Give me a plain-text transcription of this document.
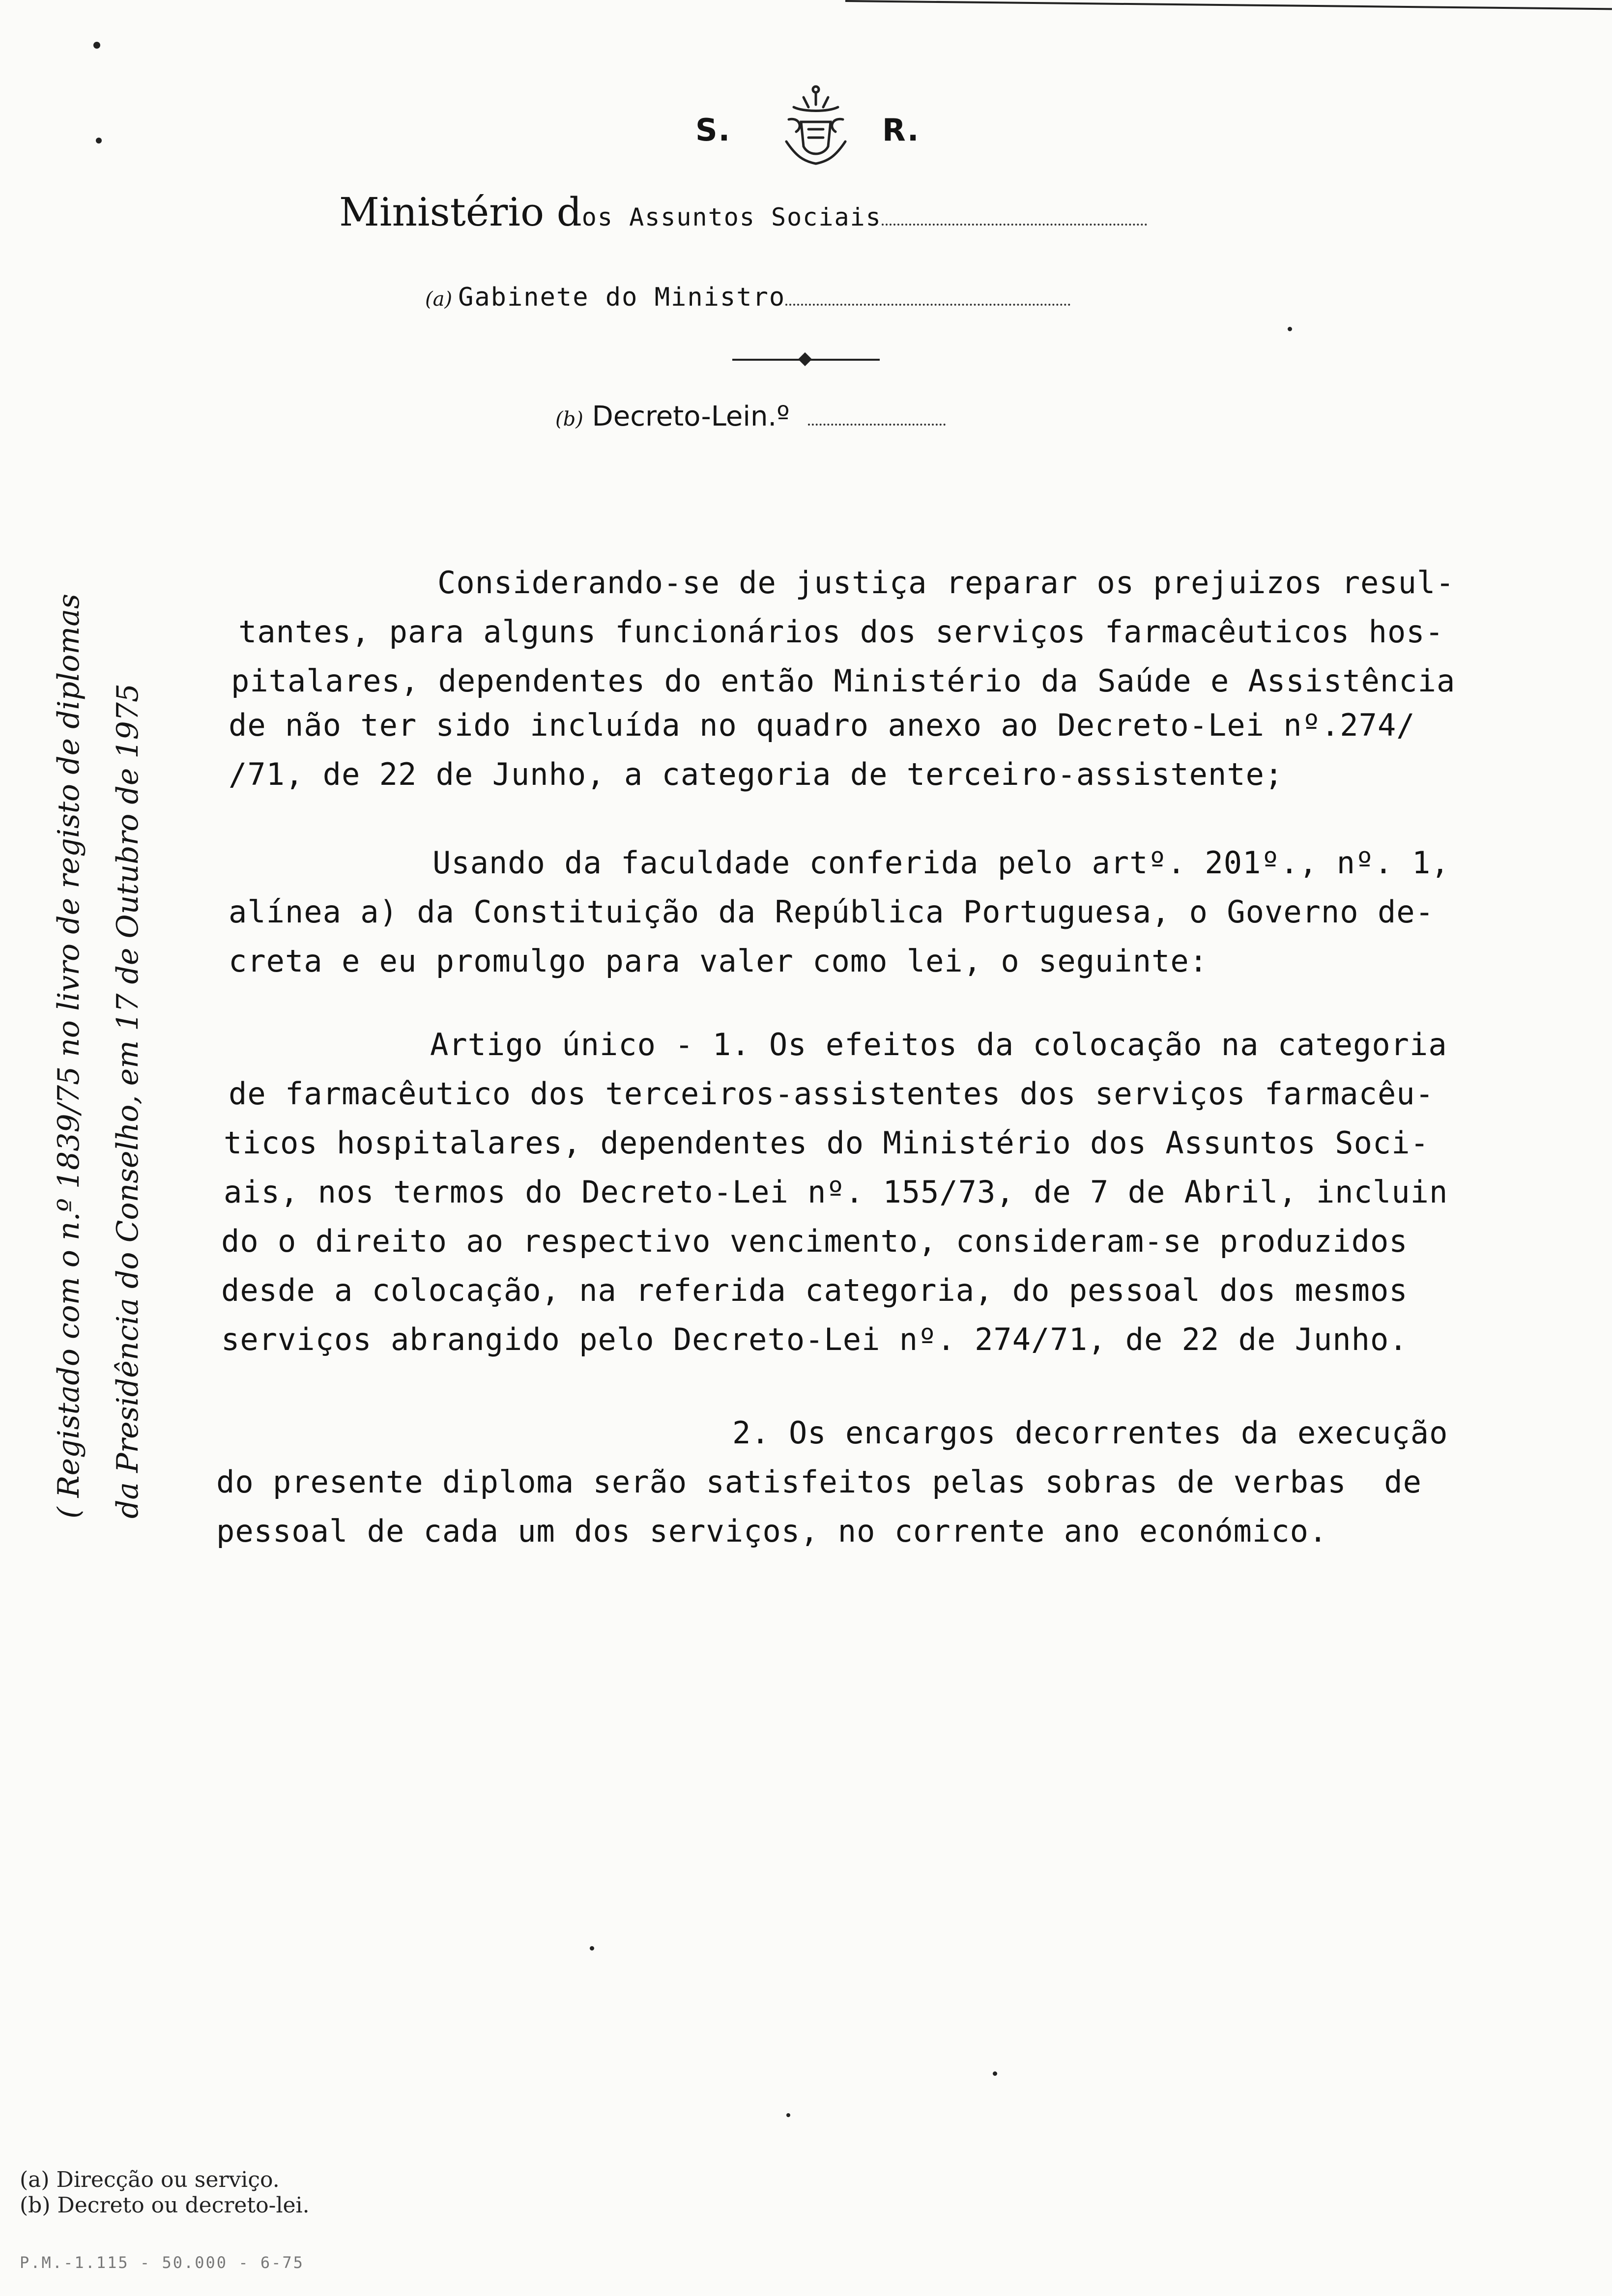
S.	R.
Ministério dos Assuntos Sociais
(a) Gabinete do Ministro
(b) Decreto-Lein.º
Considerando-se de justiça reparar os prejuizos resul-
tantes, para alguns funcionários dos serviços farmacêuticos hos-
pitalares, dependentes do então Ministério da Saúde e Assistência
de não ter sido incluída no quadro anexo ao Decreto-Lei nº.274/
/71, de 22 de Junho, a categoria de terceiro-assistente;
Usando da faculdade conferida pelo artº. 201º., nº. 1,
alínea a) da Constituição da República Portuguesa, o Governo de-
creta e eu promulgo para valer como lei, o seguinte:
Artigo único - 1. Os efeitos da colocação na categoria
de farmacêutico dos terceiros-assistentes dos serviços farmacêu-
ticos hospitalares, dependentes do Ministério dos Assuntos Soci-
ais, nos termos do Decreto-Lei nº. 155/73, de 7 de Abril, incluin
do o direito ao respectivo vencimento, consideram-se produzidos
desde a colocação, na referida categoria, do pessoal dos mesmos
serviços abrangido pelo Decreto-Lei nº. 274/71, de 22 de Junho.
2. Os encargos decorrentes da execução
do presente diploma serão satisfeitos pelas sobras de verbas  de
pessoal de cada um dos serviços, no corrente ano económico.
( Registado com o n.º 1839/75 no livro de registo de diplomas da Presidência do Conselho, em 17 de Outubro de 1975
(a) Direcção ou serviço.
(b) Decreto ou decreto-lei.
P.M.-1.115 - 50.000 - 6-75
